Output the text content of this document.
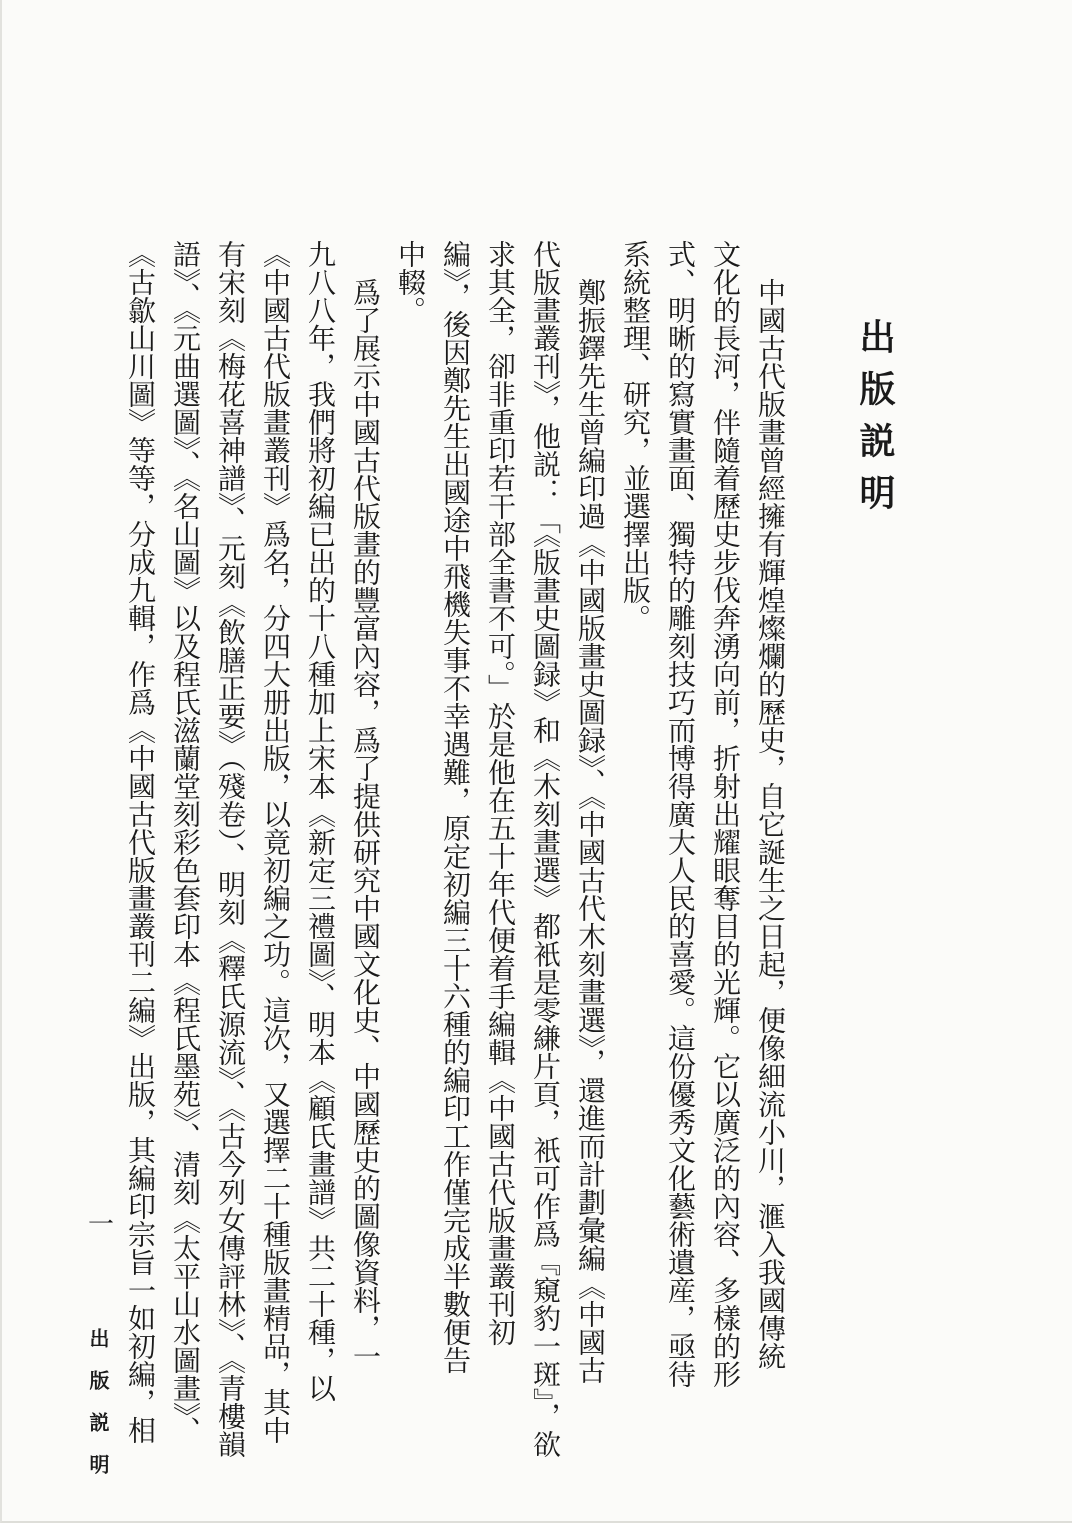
出版説明
中國古代版畫曾經擁有輝煌燦爛的歷史，自它誕生之日起，便像細流小川，滙入我國傳統
文化的長河，伴隨着歷史步伐奔湧向前，折射出耀眼奪目的光輝。它以廣泛的內容、多樣的形
式、明晰的寫實畫面、獨特的雕刻技巧而博得廣大人民的喜愛。這份優秀文化藝術遺産，亟待
系統整理、研究，並選擇出版。
鄭振鐸先生曾編印過《中國版畫史圖録》、《中國古代木刻畫選》，還進而計劃彙編《中國古
代版畫叢刊》，他説：「《版畫史圖録》和《木刻畫選》都衹是零縑片頁，衹可作爲『窺豹一斑』，欲
求其全，卻非重印若干部全書不可。」於是他在五十年代便着手編輯《中國古代版畫叢刊初
編》，後因鄭先生出國途中飛機失事不幸遇難，原定初編三十六種的編印工作僅完成半數便告
中輟。
爲了展示中國古代版畫的豐富內容，爲了提供研究中國文化史、中國歷史的圖像資料，一
九八八年，我們將初編已出的十八種加上宋本《新定三禮圖》、明本《顧氏畫譜》共二十種，以
《中國古代版畫叢刊》爲名，分四大册出版，以竟初編之功。這次，又選擇二十種版畫精品，其中
有宋刻《梅花喜神譜》、元刻《飲膳正要》（殘卷）、明刻《釋氏源流》、《古今列女傳評林》、《青樓韻
語》、《元曲選圖》、《名山圖》以及程氏滋蘭堂刻彩色套印本《程氏墨苑》、清刻《太平山水圖畫》、
《古歙山川圖》等等，分成九輯，作爲《中國古代版畫叢刊二編》出版，其編印宗旨一如初編，相
一
出版説明
